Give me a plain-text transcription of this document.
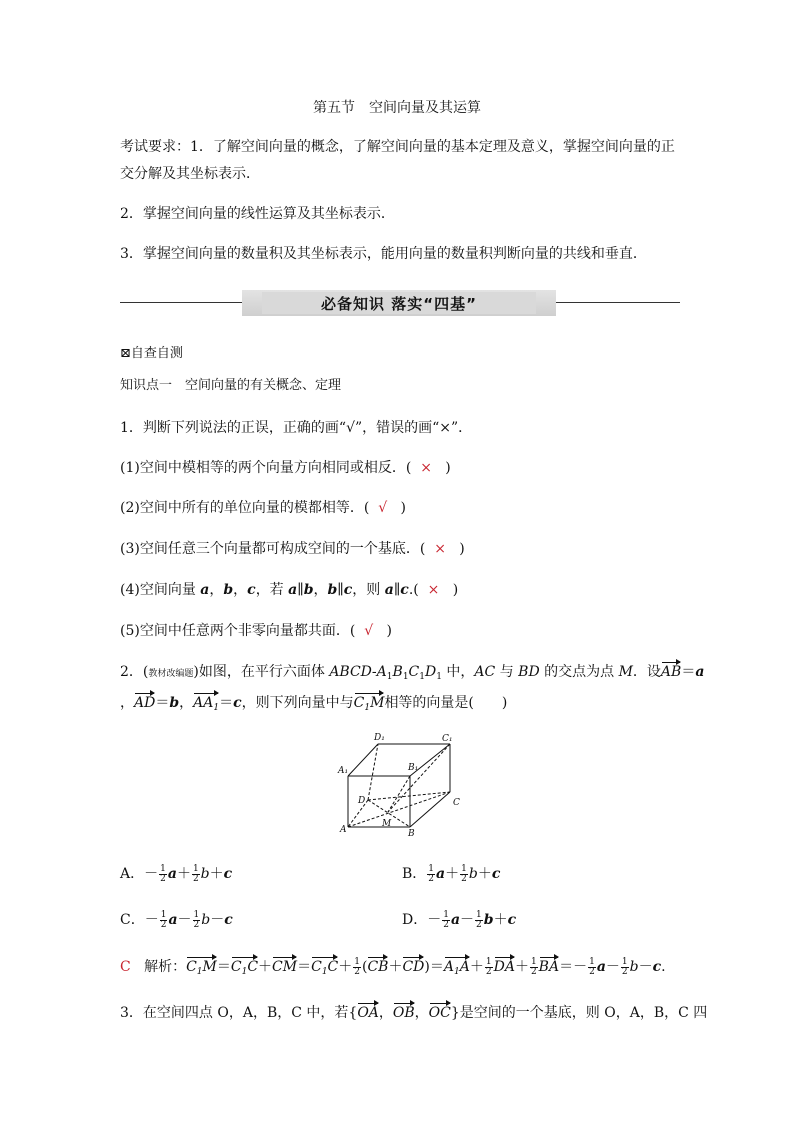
第五节　空间向量及其运算
考试要求：1．了解空间向量的概念，了解空间向量的基本定理及意义，掌握空间向量的正
交分解及其坐标表示．
2．掌握空间向量的线性运算及其坐标表示．
3．掌握空间向量的数量积及其坐标表示，能用向量的数量积判断向量的共线和垂直．
必备知识 落实“四基”
⊠自查自测
知识点一　空间向量的有关概念、定理
1．判断下列说法的正误，正确的画“√”，错误的画“×”．
(1)空间中模相等的两个向量方向相同或相反．( × )
(2)空间中所有的单位向量的模都相等．( √ )
(3)空间任意三个向量都可构成空间的一个基底．( × )
(4)空间向量 a，b，c，若 a∥b，b∥c，则 a∥c.(  ×   )
(5)空间中任意两个非零向量都共面．( √ )
2．(教材改编题)如图，在平行六面体 ABCD-$A_1B_1C_1D_1$ 中，AC 与 BD 的交点为点 M．设AB＝a
，AD＝b，$AA_1=c$，则下列向量中与$C_1M$相等的向量是(　　)
D₁	C₁
A₁	B₁
D	C
A	B
M
A．－ $\frac{1}{2} a+ \frac{1}{2} b+c$	B． $\frac{1}{2} a+ \frac{1}{2} b+c$
C．－ $\frac{1}{2} a- \frac{1}{2} b-c$	D．－ $\frac{1}{2} a- \frac{1}{2} b+c$
C 解析：$C_1M=C_1C+CM=C_1C+ \frac{1}{2} (CB+CD)=A_1A+ \frac{1}{2} DA+ \frac{1}{2} BA=- \frac{1}{2} a- \frac{1}{2} b-c$.
3．在空间四点 O，A，B，C 中，若{OA，OB，OC}是空间的一个基底，则 O，A，B，C 四
